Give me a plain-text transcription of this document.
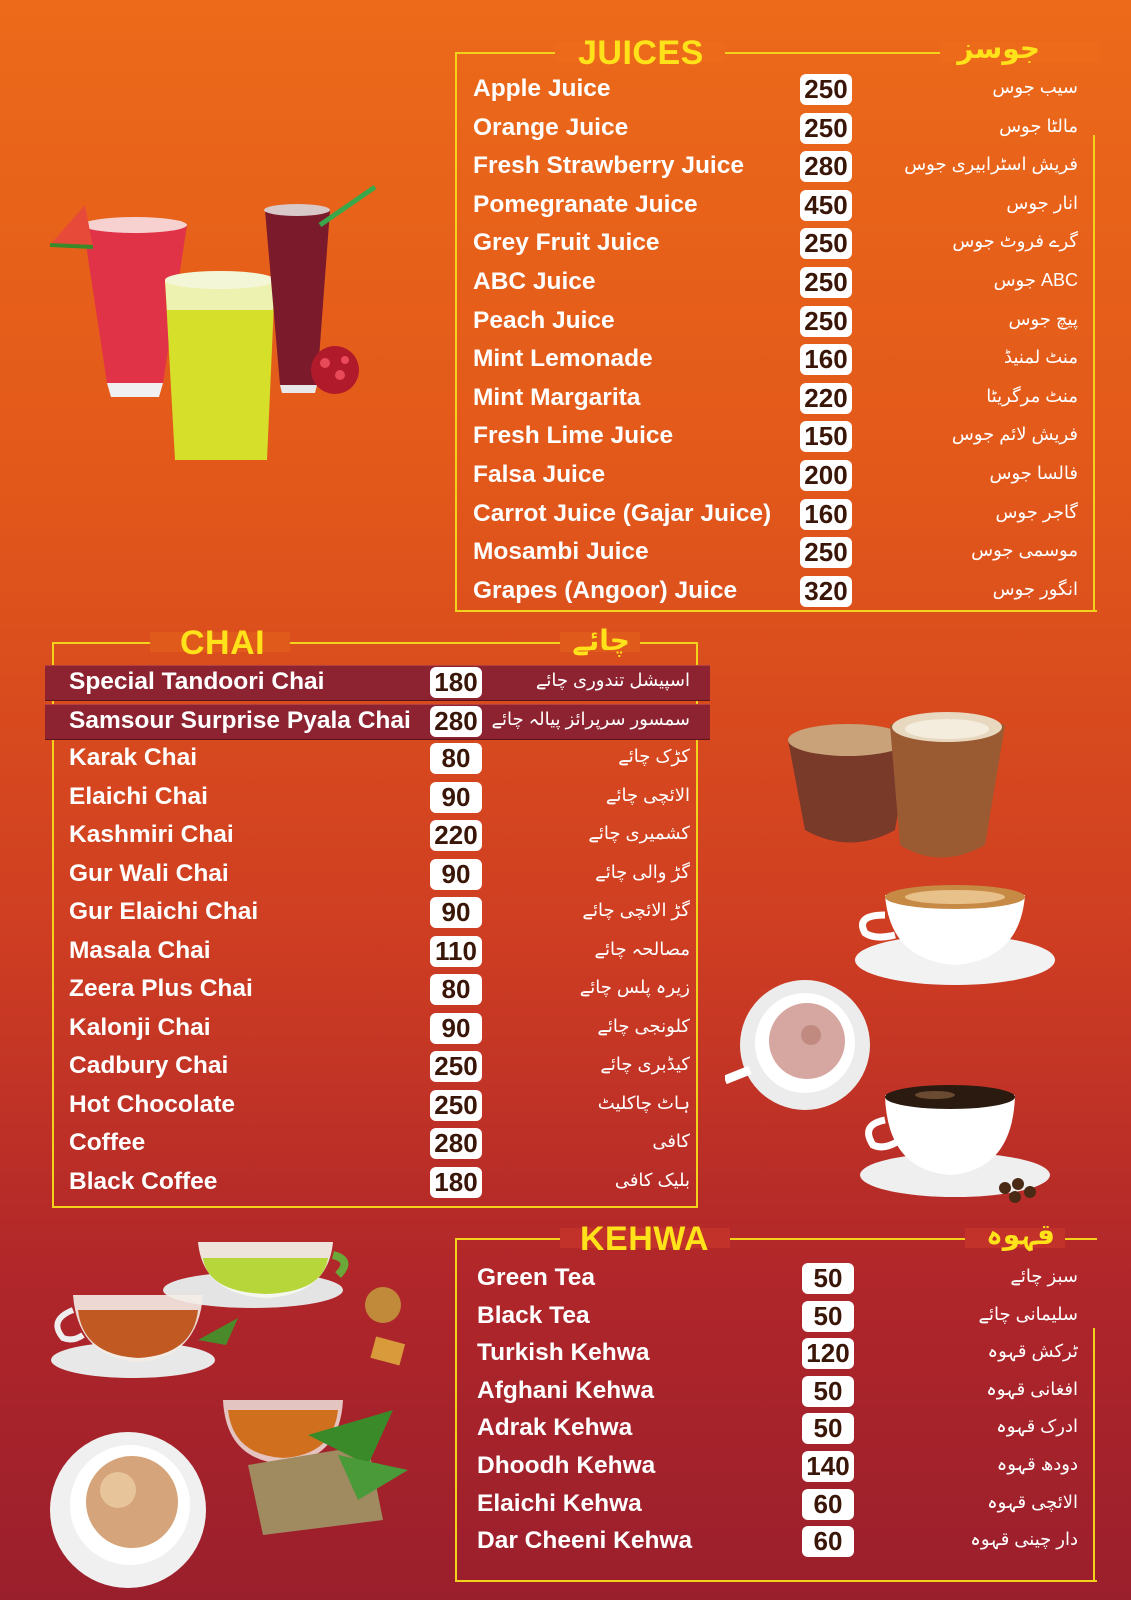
JUICES	جوسز
Apple Juice	250	سیب جوس
Orange Juice	250	مالٹا جوس
Fresh Strawberry Juice 280	فریش اسٹرابیری جوس
Pomegranate Juice	450	انار جوس
Grey Fruit Juice	250	گرے فروٹ جوس
ABC Juice	250	ABC جوس
Peach Juice	250	پیچ جوس
Mint Lemonade	160	منٹ لمنیڈ
Mint Margarita	220	منٹ مرگریٹا
Fresh Lime Juice	150	فریش لائم جوس
Falsa Juice	200	فالسا جوس
Carrot Juice (Gajar Juice) 160	گاجر جوس
Mosambi Juice	250	موسمی جوس
Grapes (Angoor) Juice	320	انگور جوس
CHAI	چائے
Special Tandoori Chai	180	اسپیشل تندوری چائے
Samsour Surprise Pyala Chai 280 سمسور سرپرائز پیالہ چائے
Karak Chai	80	کڑک چائے
Elaichi Chai	90	الائچی چائے
Kashmiri Chai	220	کشمیری چائے
Gur Wali Chai	90	گڑ والی چائے
Gur Elaichi Chai	90	گڑ الائچی چائے
Masala Chai	110	مصالحہ چائے
Zeera Plus Chai	80	زیرہ پلس چائے
Kalonji Chai	90	کلونجی چائے
Cadbury Chai	250	کیڈبری چائے
Hot Chocolate	250	ہاٹ چاکلیٹ
Coffee	280	کافی
Black Coffee	180	بلیک کافی
KEHWA	قہوہ
Green Tea	50	سبز چائے
Black Tea	50	سلیمانی چائے
Turkish Kehwa	120	ٹرکش قہوہ
Afghani Kehwa	50	افغانی قہوہ
Adrak Kehwa	50	ادرک قہوہ
Dhoodh Kehwa	140	دودھ قہوہ
Elaichi Kehwa	60	الائچی قہوہ
Dar Cheeni Kehwa	60	دار چینی قہوہ
